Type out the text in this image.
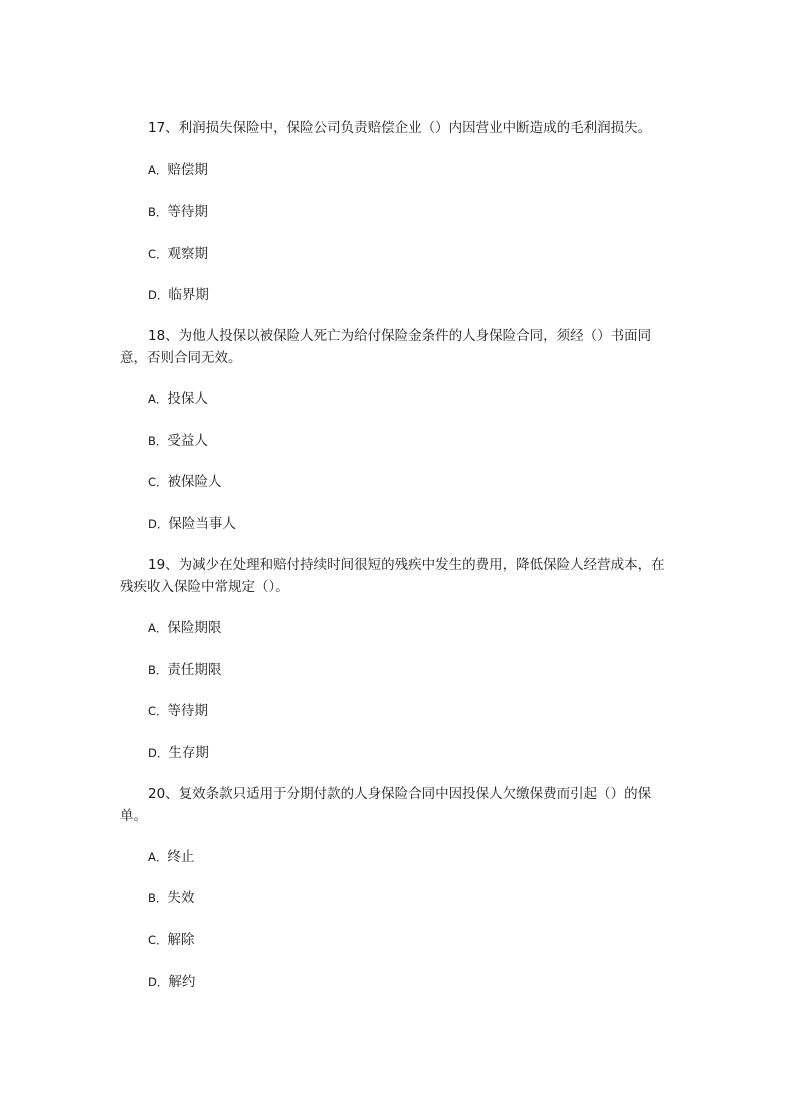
17、利润损失保险中，保险公司负责赔偿企业（）内因营业中断造成的毛利润损失。

A．赔偿期

B．等待期

C．观察期

D．临界期

18、为他人投保以被保险人死亡为给付保险金条件的人身保险合同，须经（）书面同意，否则合同无效。

A．投保人

B．受益人

C．被保险人

D．保险当事人

19、为减少在处理和赔付持续时间很短的残疾中发生的费用，降低保险人经营成本，在残疾收入保险中常规定（）。

A．保险期限

B．责任期限

C．等待期

D．生存期

20、复效条款只适用于分期付款的人身保险合同中因投保人欠缴保费而引起（）的保单。

A．终止

B．失效

C．解除

D．解约
